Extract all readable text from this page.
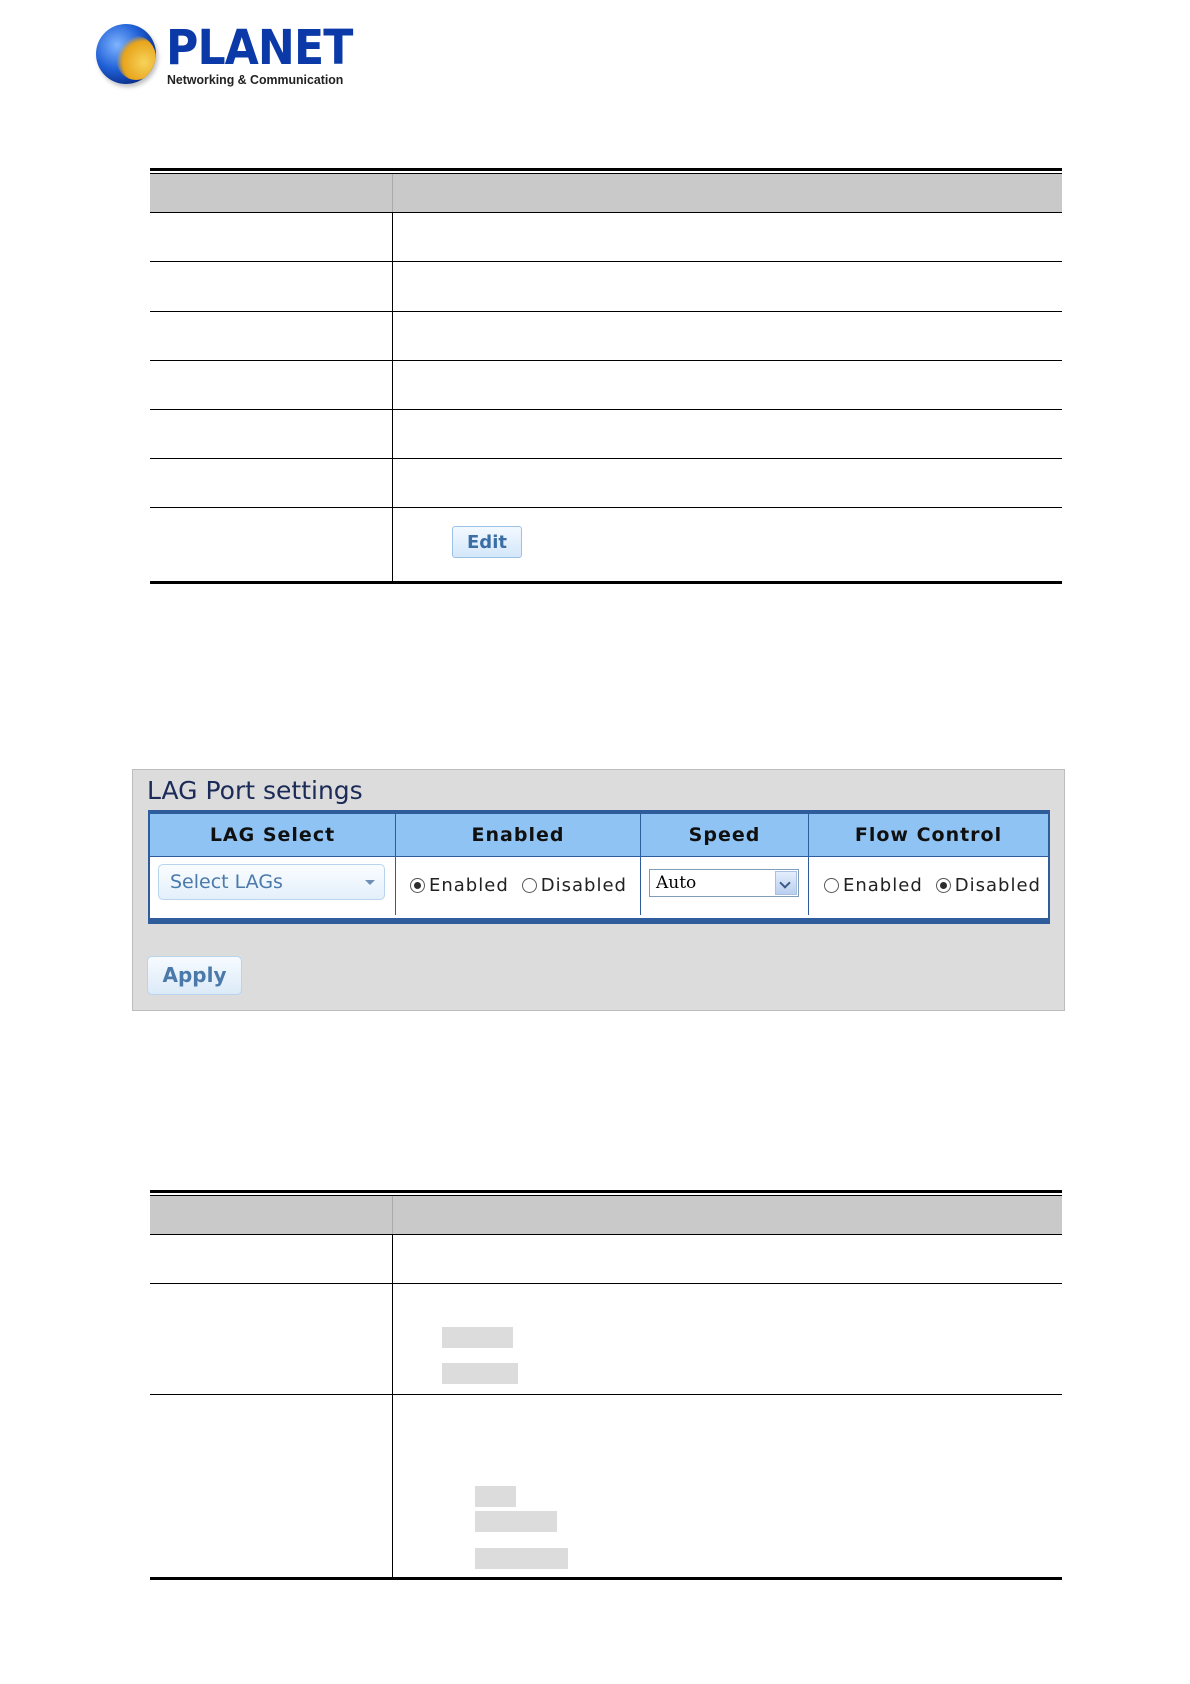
PLANET
Networking & Communication
Edit
LAG Port settings
LAG Select	Enabled	Speed	Flow Control
Select LAGs	Enabled Disabled	Auto	Enabled Disabled
Apply
